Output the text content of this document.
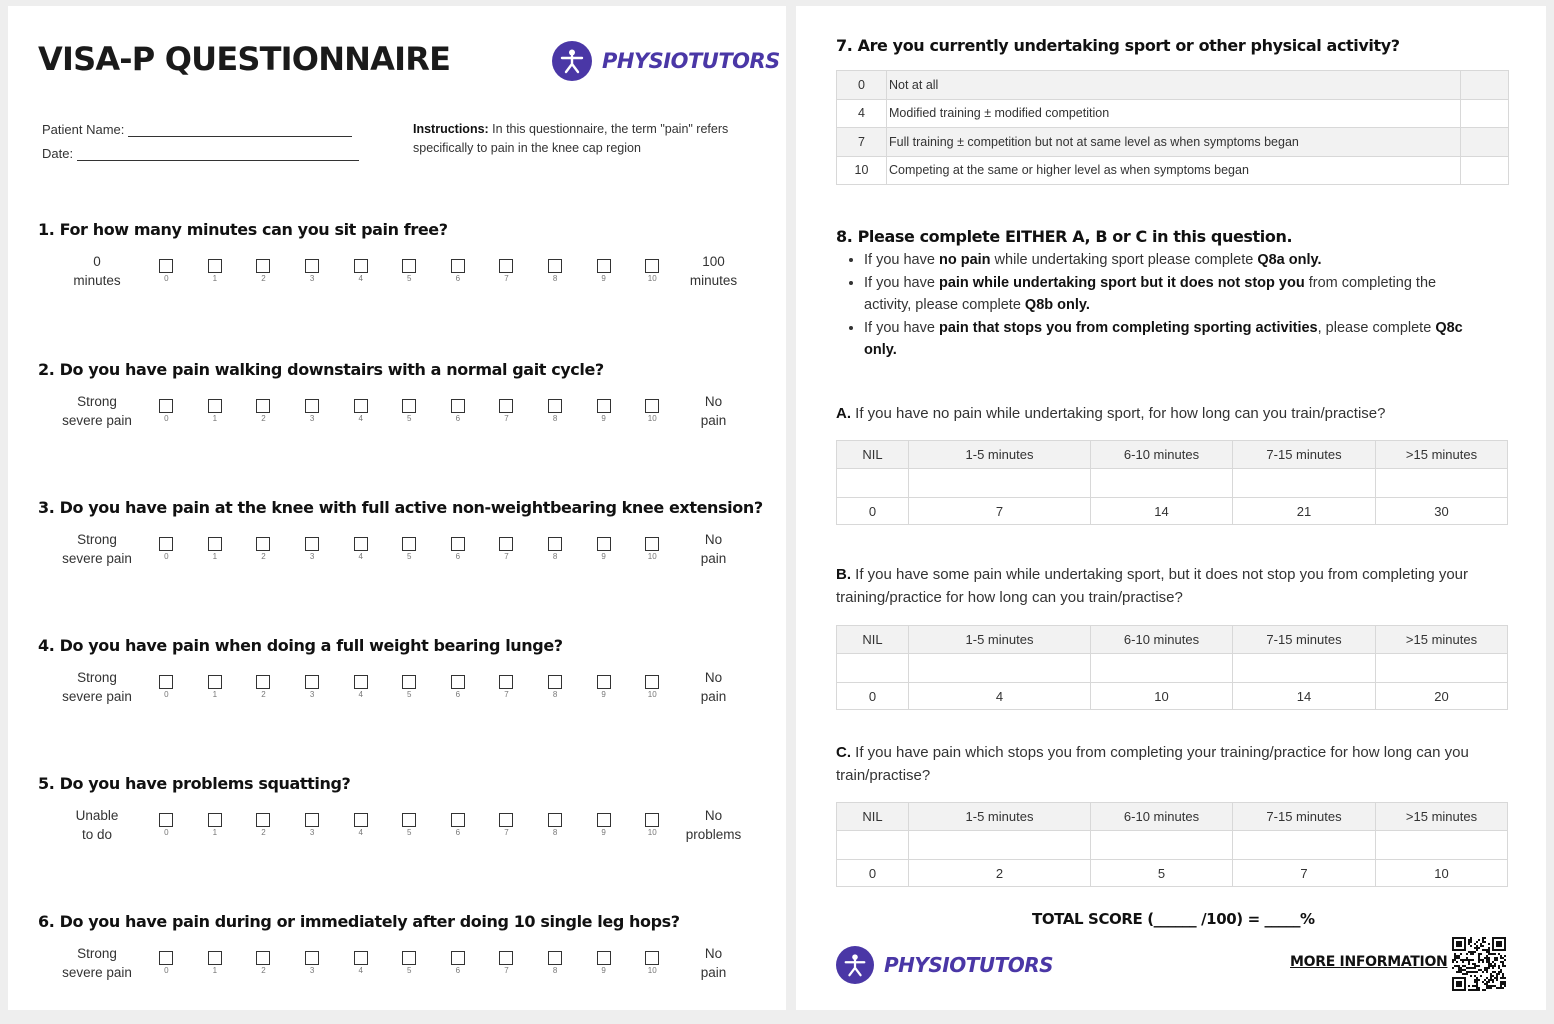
VISA-P QUESTIONNAIRE	PHYSIOTUTORS
Patient Name:
Date:
Instructions: In this questionnaire, the term "pain" refers specifically to pain in the knee cap region
1. For how many minutes can you sit pain free?
0
minutes	0	1	2	3	4	5	6	7	8	9	10
100
minutes
2. Do you have pain walking downstairs with a normal gait cycle?
Strong
severe pain	0	1	2	3	4	5	6	7	8	9	10
No
pain
3. Do you have pain at the knee with full active non-weightbearing knee extension?
Strong
severe pain	0	1	2	3	4	5	6	7	8	9	10
No
pain
4. Do you have pain when doing a full weight bearing lunge?
Strong
severe pain	0	1	2	3	4	5	6	7	8	9	10
No
pain
5. Do you have problems squatting?
Unable
to do	0	1	2	3	4	5	6	7	8	9	10
No
problems
6. Do you have pain during or immediately after doing 10 single leg hops?
Strong
severe pain	0	1	2	3	4	5	6	7	8	9	10
No
pain
7. Are you currently undertaking sport or other physical activity?
0	Not at all	
4	Modified training ± modified competition	
7	Full training ± competition but not at same level as when symptoms began	
10	Competing at the same or higher level as when symptoms began	
8. Please complete EITHER A, B or C in this question.
• If you have no pain while undertaking sport please complete Q8a only.
• If you have pain while undertaking sport but it does not stop you from completing the activity, please complete Q8b only.
• If you have pain that stops you from completing sporting activities, please complete Q8c only.
A. If you have no pain while undertaking sport, for how long can you train/practise?
NIL	1-5 minutes	6-10 minutes	7-15 minutes	>15 minutes

0	7	14	21	30
B. If you have some pain while undertaking sport, but it does not stop you from completing your training/practice for how long can you train/practise?
NIL	1-5 minutes	6-10 minutes	7-15 minutes	>15 minutes

0	4	10	14	20
C. If you have pain which stops you from completing your training/practice for how long can you train/practise?
NIL	1-5 minutes	6-10 minutes	7-15 minutes	>15 minutes

0	2	5	7	10
TOTAL SCORE (______ /100) = _____%
PHYSIOTUTORS	MORE INFORMATION
